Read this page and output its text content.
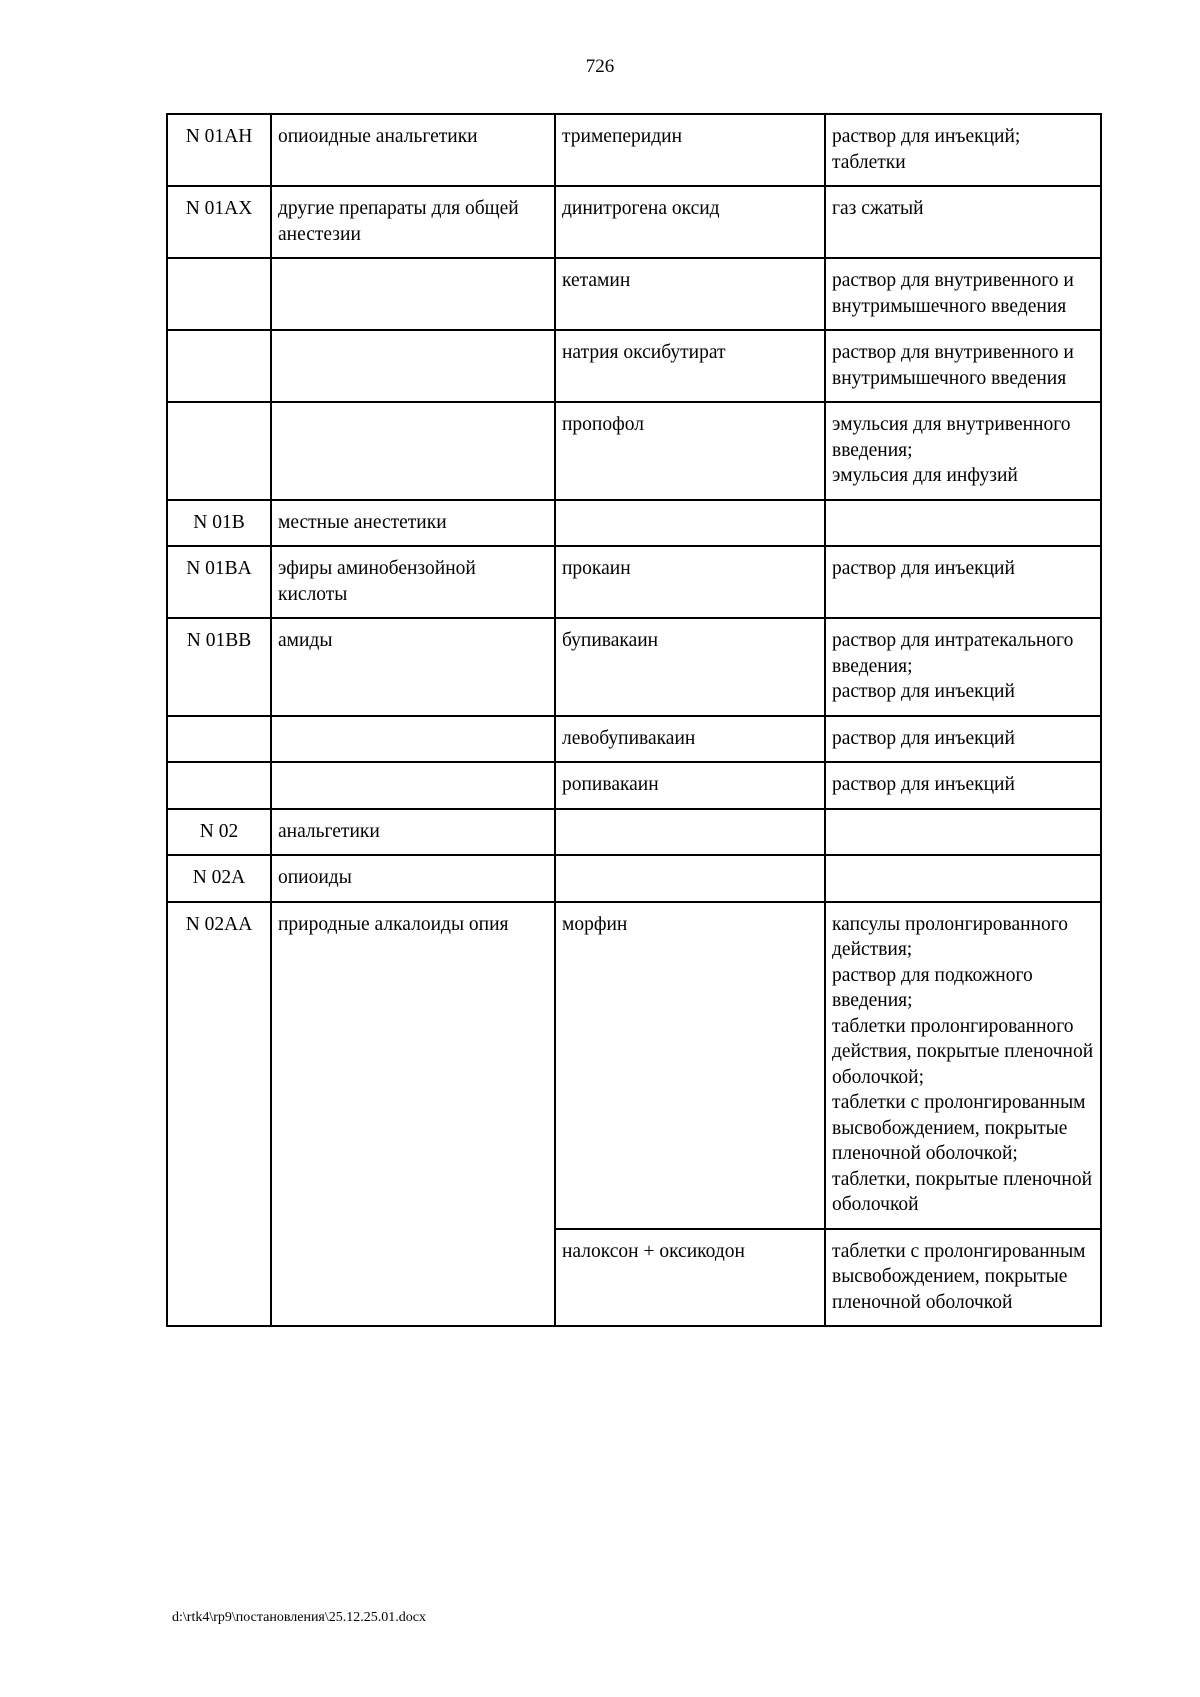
726
N 01AH	опиоидные анальгетики	тримеперидин	раствор для инъекций;
таблетки
N 01AX	другие препараты для общей анестезии	динитрогена оксид	газ сжатый
		кетамин	раствор для внутривенного и внутримышечного введения
		натрия оксибутират	раствор для внутривенного и внутримышечного введения
		пропофол	эмульсия для внутривенного введения;
эмульсия для инфузий
N 01B	местные анестетики		
N 01BA	эфиры аминобензойной кислоты	прокаин	раствор для инъекций
N 01BB	амиды	бупивакаин	раствор для интратекального введения;
раствор для инъекций
		левобупивакаин	раствор для инъекций
		ропивакаин	раствор для инъекций
N 02	анальгетики		
N 02A	опиоиды		
N 02AA	природные алкалоиды опия	морфин	капсулы пролонгированного действия;
раствор для подкожного введения;
таблетки пролонгированного действия, покрытые пленочной оболочкой;
таблетки с пролонгированным высвобождением, покрытые пленочной оболочкой;
таблетки, покрытые пленочной оболочкой
		налоксон + оксикодон	таблетки с пролонгированным высвобождением, покрытые пленочной оболочкой
d:\rtk4\rp9\постановления\25.12.25.01.docx
